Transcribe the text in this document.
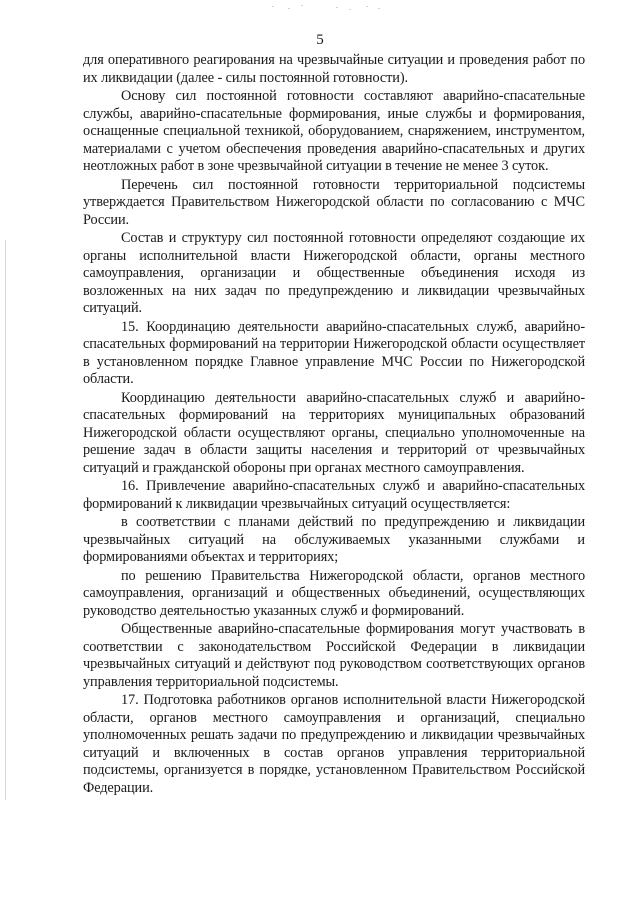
5

для оперативного реагирования на чрезвычайные ситуации и проведения работ по их ликвидации (далее - силы постоянной готовности).

Основу сил постоянной готовности составляют аварийно-спасательные службы, аварийно-спасательные формирования, иные службы и формирования, оснащенные специальной техникой, оборудованием, снаряжением, инструментом, материалами с учетом обеспечения проведения аварийно-спасательных и других неотложных работ в зоне чрезвычайной ситуации в течение не менее 3 суток.

Перечень сил постоянной готовности территориальной подсистемы утверждается Правительством Нижегородской области по согласованию с МЧС России.

Состав и структуру сил постоянной готовности определяют создающие их органы исполнительной власти Нижегородской области, органы местного самоуправления, организации и общественные объединения исходя из возложенных на них задач по предупреждению и ликвидации чрезвычайных ситуаций.

15. Координацию деятельности аварийно-спасательных служб, аварийно-спасательных формирований на территории Нижегородской области осуществляет в установленном порядке Главное управление МЧС России по Нижегородской области.

Координацию деятельности аварийно-спасательных служб и аварийно-спасательных формирований на территориях муниципальных образований Нижегородской области осуществляют органы, специально уполномоченные на решение задач в области защиты населения и территорий от чрезвычайных ситуаций и гражданской обороны при органах местного самоуправления.

16. Привлечение аварийно-спасательных служб и аварийно-спасательных формирований к ликвидации чрезвычайных ситуаций осуществляется:

в соответствии с планами действий по предупреждению и ликвидации чрезвычайных ситуаций на обслуживаемых указанными службами и формированиями объектах и территориях;

по решению Правительства Нижегородской области, органов местного самоуправления, организаций и общественных объединений, осуществляющих руководство деятельностью указанных служб и формирований.

Общественные аварийно-спасательные формирования могут участвовать в соответствии с законодательством Российской Федерации в ликвидации чрезвычайных ситуаций и действуют под руководством соответствующих органов управления территориальной подсистемы.

17. Подготовка работников органов исполнительной власти Нижегородской области, органов местного самоуправления и организаций, специально уполномоченных решать задачи по предупреждению и ликвидации чрезвычайных ситуаций и включенных в состав органов управления территориальной подсистемы, организуется в порядке, установленном Правительством Российской Федерации.
